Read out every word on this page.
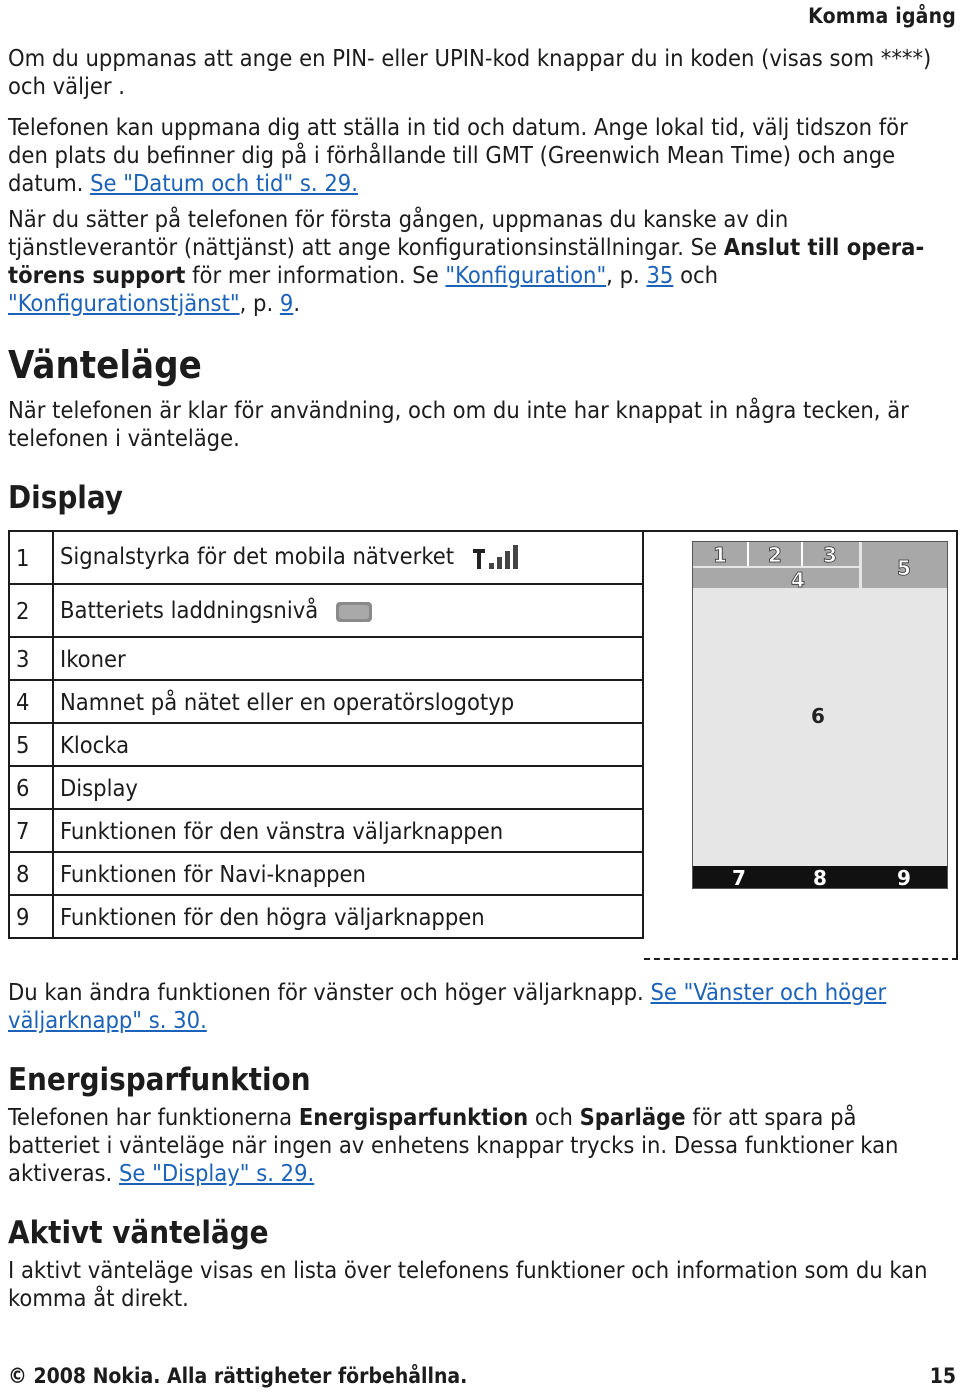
Komma igång

Om du uppmanas att ange en PIN- eller UPIN-kod knappar du in koden (visas som ****)
och väljer .

Telefonen kan uppmana dig att ställa in tid och datum. Ange lokal tid, välj tidszon för
den plats du befinner dig på i förhållande till GMT (Greenwich Mean Time) och ange
datum. Se "Datum och tid" s. 29.

När du sätter på telefonen för första gången, uppmanas du kanske av din
tjänstleverantör (nättjänst) att ange konfigurationsinställningar. Se Anslut till opera-
törens support för mer information. Se "Konfiguration", p. 35 och
"Konfigurationstjänst", p. 9.

Vänteläge

När telefonen är klar för användning, och om du inte har knappat in några tecken, är
telefonen i vänteläge.

Display
1	Signalstyrka för det mobila nätverket
2	Batteriets laddningsnivå
3	Ikoner
4	Namnet på nätet eller en operatörslogotyp
5	Klocka
6	Display
7	Funktionen för den vänstra väljarknappen
8	Funktionen för Navi-knappen
9	Funktionen för den högra väljarknappen
1 2 3
4	5
6
7	8	9

Du kan ändra funktionen för vänster och höger väljarknapp. Se "Vänster och höger
väljarknapp" s. 30.

Energisparfunktion

Telefonen har funktionerna Energisparfunktion och Sparläge för att spara på
batteriet i vänteläge när ingen av enhetens knappar trycks in. Dessa funktioner kan
aktiveras. Se "Display" s. 29.

Aktivt vänteläge

I aktivt vänteläge visas en lista över telefonens funktioner och information som du kan
komma åt direkt.

© 2008 Nokia. Alla rättigheter förbehållna.	15
